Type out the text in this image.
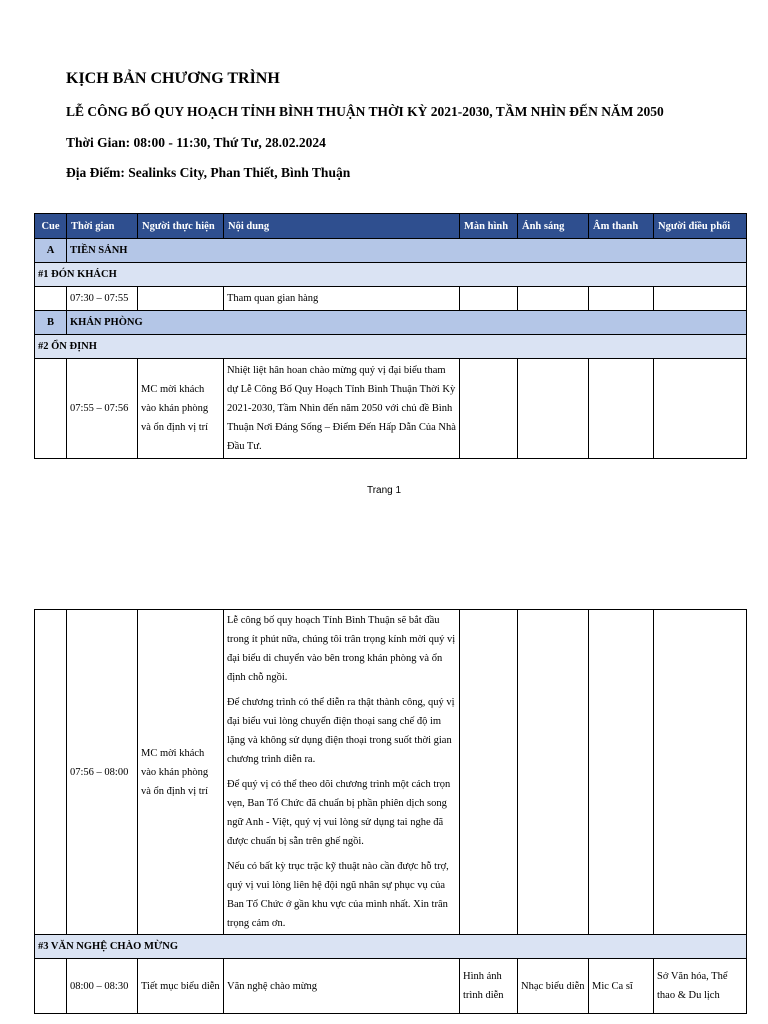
KỊCH BẢN CHƯƠNG TRÌNH
LỄ CÔNG BỐ QUY HOẠCH TỈNH BÌNH THUẬN THỜI KỲ 2021-2030, TẦM NHÌN ĐẾN NĂM 2050
Thời Gian: 08:00 - 11:30, Thứ Tư, 28.02.2024
Địa Điểm: Sealinks City, Phan Thiết, Bình Thuận
Cue	Thời gian	Người thực hiện	Nội dung	Màn hình	Ánh sáng	Âm thanh	Người điều phối
A	TIỀN SẢNH						
#1 ĐÓN KHÁCH							
	07:30 – 07:55		Tham quan gian hàng				
B	KHÁN PHÒNG						
#2 ỔN ĐỊNH							
	07:55 – 07:56	MC mời khách vào khán phòng và ổn định vị trí	Nhiệt liệt hân hoan chào mừng quý vị đại biểu tham dự Lễ Công Bố Quy Hoạch Tỉnh Bình Thuận Thời Kỳ 2021-2030, Tầm Nhìn đến năm 2050 với chủ đề Bình Thuận Nơi Đáng Sống – Điểm Đến Hấp Dẫn Của Nhà Đầu Tư.				
Trang 1
	07:56 – 08:00	MC mời khách vào khán phòng và ổn định vị trí	Lễ công bố quy hoạch Tỉnh Bình Thuận sẽ bắt đầu trong ít phút nữa, chúng tôi trân trọng kính mời quý vị đại biểu di chuyển vào bên trong khán phòng và ổn định chỗ ngồi.

Để chương trình có thể diễn ra thật thành công, quý vị đại biểu vui lòng chuyển điện thoại sang chế độ im lặng và không sử dụng điện thoại trong suốt thời gian chương trình diễn ra.

Để quý vị có thể theo dõi chương trình một cách trọn vẹn, Ban Tổ Chức đã chuẩn bị phần phiên dịch song ngữ Anh - Việt, quý vị vui lòng sử dụng tai nghe đã được chuẩn bị sẵn trên ghế ngồi.

Nếu có bất kỳ trục trặc kỹ thuật nào cần được hỗ trợ, quý vị vui lòng liên hệ đội ngũ nhân sự phục vụ của Ban Tổ Chức ở gần khu vực của mình nhất. Xin trân trọng cảm ơn.				

#3 VĂN NGHỆ CHÀO MỪNG							
	08:00 – 08:30	Tiết mục biểu diễn	Văn nghệ chào mừng	Hình ảnh trình diễn	Nhạc biểu diễn	Mic Ca sĩ	Sở Văn hóa, Thể thao & Du lịch
